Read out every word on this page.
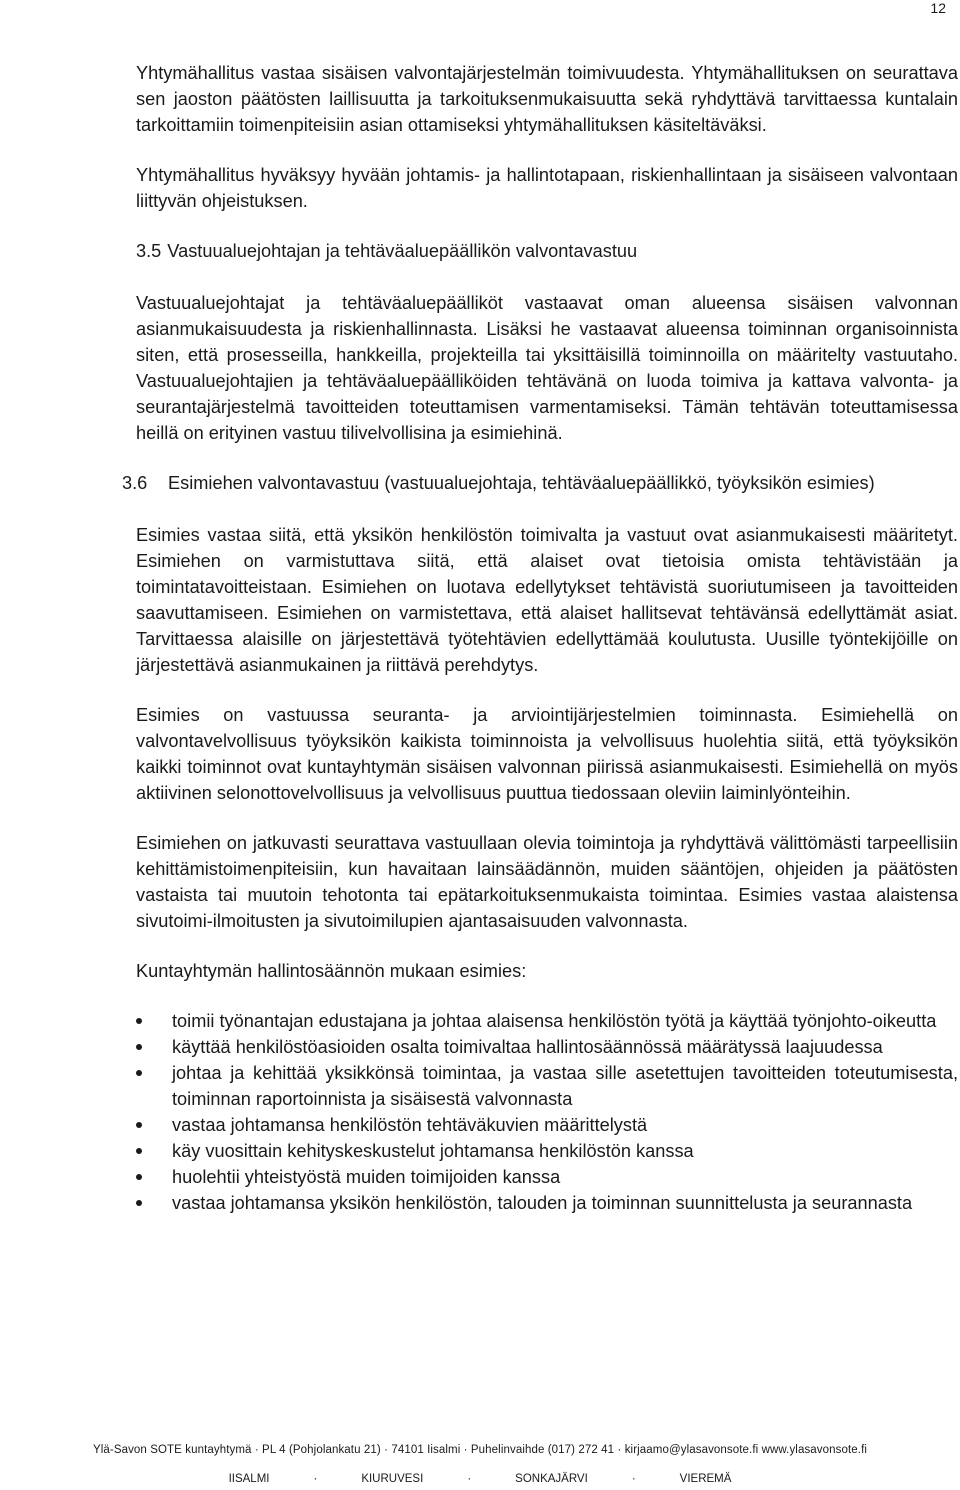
12

Yhtymähallitus vastaa sisäisen valvontajärjestelmän toimivuudesta. Yhtymähallituksen on seurattava sen jaoston päätösten laillisuutta ja tarkoituksenmukaisuutta sekä ryhdyttävä tarvittaessa kuntalain tarkoittamiin toimenpiteisiin asian ottamiseksi yhtymähallituksen käsiteltäväksi.

Yhtymähallitus hyväksyy hyvään johtamis- ja hallintotapaan, riskienhallintaan ja sisäiseen valvontaan liittyvän ohjeistuksen.

3.5 Vastuualuejohtajan ja tehtäväaluepäällikön valvontavastuu

Vastuualuejohtajat ja tehtäväaluepäälliköt vastaavat oman alueensa sisäisen valvonnan asianmukaisuudesta ja riskienhallinnasta. Lisäksi he vastaavat alueensa toiminnan organisoinnista siten, että prosesseilla, hankkeilla, projekteilla tai yksittäisillä toiminnoilla on määritelty vastuutaho. Vastuualuejohtajien ja tehtäväaluepäälliköiden tehtävänä on luoda toimiva ja kattava valvonta- ja seurantajärjestelmä tavoitteiden toteuttamisen varmentamiseksi. Tämän tehtävän toteuttamisessa heillä on erityinen vastuu tilivelvollisina ja esimiehinä.

3.6	Esimiehen valvontavastuu (vastuualuejohtaja, tehtäväaluepäällikkö, työyksikön esimies)

Esimies vastaa siitä, että yksikön henkilöstön toimivalta ja vastuut ovat asianmukaisesti määritetyt. Esimiehen on varmistuttava siitä, että alaiset ovat tietoisia omista tehtävistään ja toimintatavoitteistaan. Esimiehen on luotava edellytykset tehtävistä suoriutumiseen ja tavoitteiden saavuttamiseen. Esimiehen on varmistettava, että alaiset hallitsevat tehtävänsä edellyttämät asiat. Tarvittaessa alaisille on järjestettävä työtehtävien edellyttämää koulutusta. Uusille työntekijöille on järjestettävä asianmukainen ja riittävä perehdytys.

Esimies on vastuussa seuranta- ja arviointijärjestelmien toiminnasta. Esimiehellä on valvontavelvollisuus työyksikön kaikista toiminnoista ja velvollisuus huolehtia siitä, että työyksikön kaikki toiminnot ovat kuntayhtymän sisäisen valvonnan piirissä asianmukaisesti. Esimiehellä on myös aktiivinen selonottovelvollisuus ja velvollisuus puuttua tiedossaan oleviin laiminlyönteihin.

Esimiehen on jatkuvasti seurattava vastuullaan olevia toimintoja ja ryhdyttävä välittömästi tarpeellisiin kehittämistoimenpiteisiin, kun havaitaan lainsäädännön, muiden sääntöjen, ohjeiden ja päätösten vastaista tai muutoin tehotonta tai epätarkoituksenmukaista toimintaa. Esimies vastaa alaistensa sivutoimi-ilmoitusten ja sivutoimilupien ajantasaisuuden valvonnasta.

Kuntayhtymän hallintosäännön mukaan esimies:

toimii työnantajan edustajana ja johtaa alaisensa henkilöstön työtä ja käyttää työnjohto-oikeutta
käyttää henkilöstöasioiden osalta toimivaltaa hallintosäännössä määrätyssä laajuudessa
johtaa ja kehittää yksikkönsä toimintaa, ja vastaa sille asetettujen tavoitteiden toteutumisesta, toiminnan raportoinnista ja sisäisestä valvonnasta
vastaa johtamansa henkilöstön tehtäväkuvien määrittelystä
käy vuosittain kehityskeskustelut johtamansa henkilöstön kanssa
huolehtii yhteistyöstä muiden toimijoiden kanssa
vastaa johtamansa yksikön henkilöstön, talouden ja toiminnan suunnittelusta ja seurannasta
Ylä-Savon SOTE kuntayhtymä · PL 4 (Pohjolankatu 21) · 74101 Iisalmi · Puhelinvaihde (017) 272 41 · kirjaamo@ylasavonsote.fi www.ylasavonsote.fi
IISALMI	·	KIURUVESI	·	SONKAJÄRVI	·	VIEREMÄ
